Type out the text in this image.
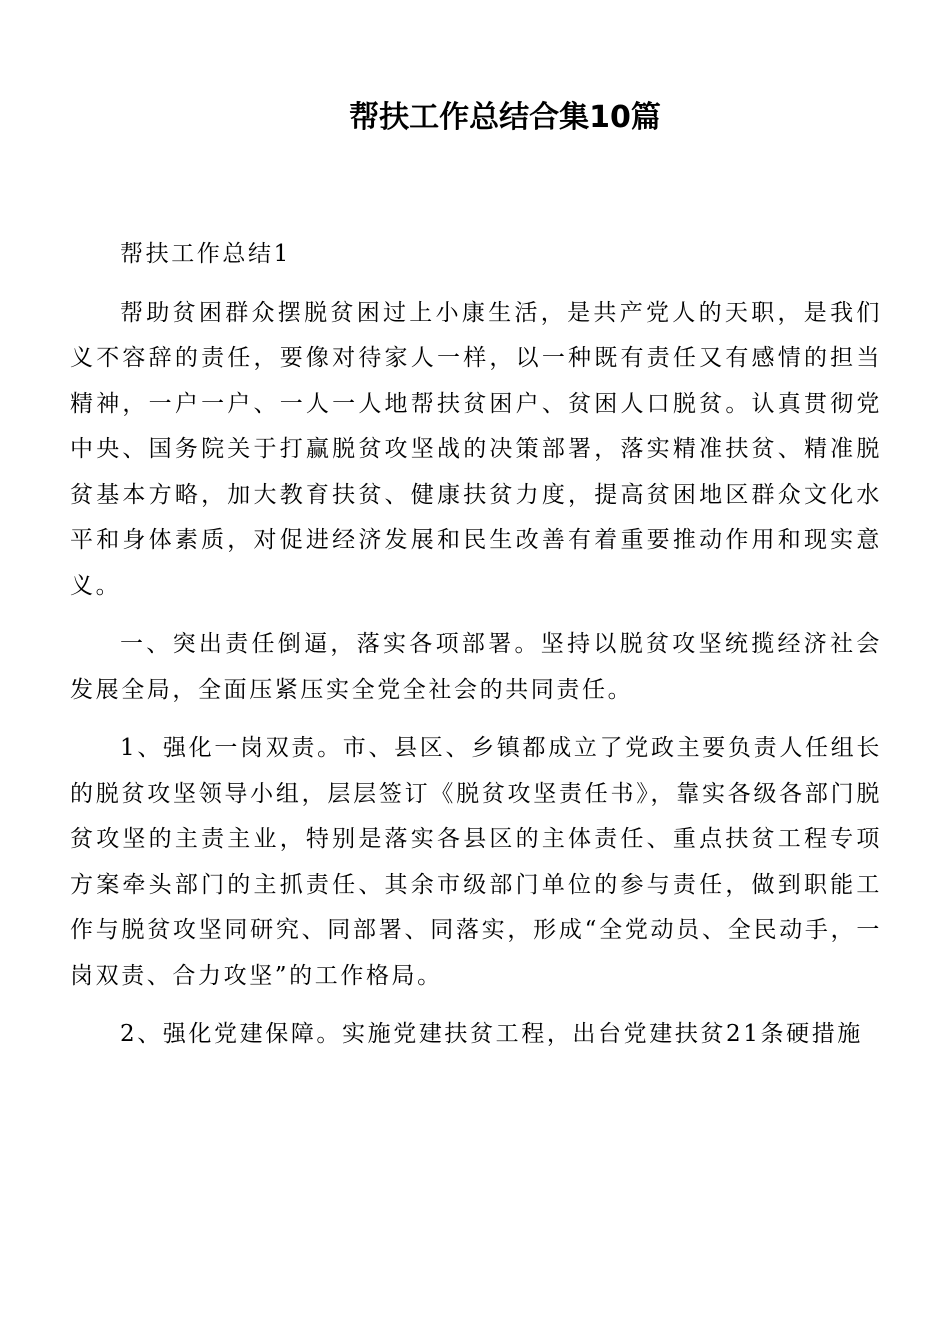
帮扶工作总结合集10篇

帮扶工作总结1

帮助贫困群众摆脱贫困过上小康生活，是共产党人的天职，是我们义不容辞的责任，要像对待家人一样，以一种既有责任又有感情的担当精神，一户一户、一人一人地帮扶贫困户、贫困人口脱贫。认真贯彻党中央、国务院关于打赢脱贫攻坚战的决策部署，落实精准扶贫、精准脱贫基本方略，加大教育扶贫、健康扶贫力度，提高贫困地区群众文化水平和身体素质，对促进经济发展和民生改善有着重要推动作用和现实意义。

一、突出责任倒逼，落实各项部署。坚持以脱贫攻坚统揽经济社会发展全局，全面压紧压实全党全社会的共同责任。

1、强化一岗双责。市、县区、乡镇都成立了党政主要负责人任组长的脱贫攻坚领导小组，层层签订《脱贫攻坚责任书》，靠实各级各部门脱贫攻坚的主责主业，特别是落实各县区的主体责任、重点扶贫工程专项方案牵头部门的主抓责任、其余市级部门单位的参与责任，做到职能工作与脱贫攻坚同研究、同部署、同落实，形成“全党动员、全民动手，一岗双责、合力攻坚”的工作格局。

2、强化党建保障。实施党建扶贫工程，出台党建扶贫21条硬措施
